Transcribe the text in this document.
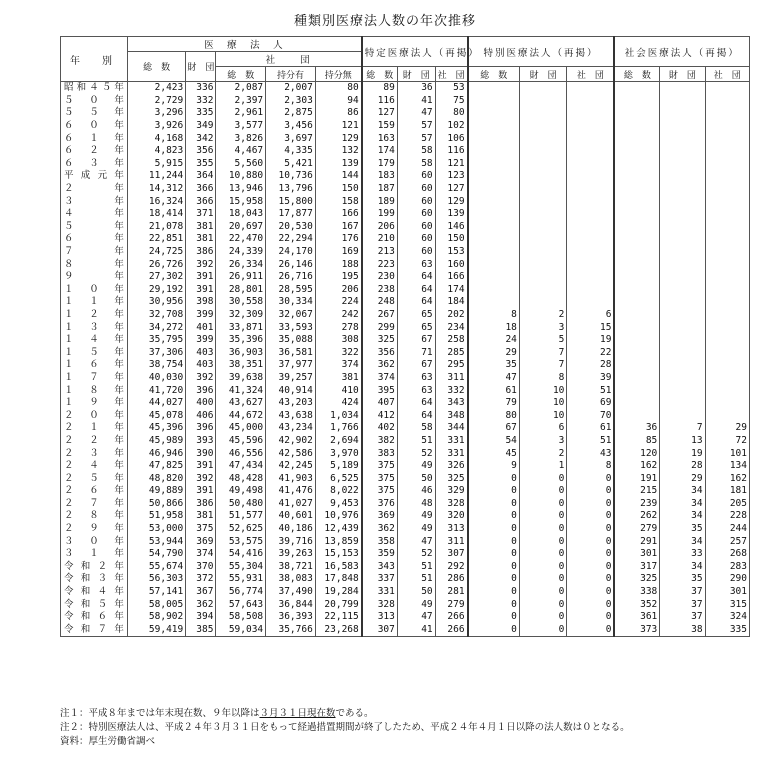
種類別医療法人数の年次推移
年　別	医　療　法　人					特定医療法人（再掲）			特別医療法人（再掲）			社会医療法人（再掲）		
	総　数	財　団	社　　団											
			総　数	持分有	持分無	総　数	財　団	社　団	総　数	財　団	社　団	総　数	財　団	社　団
昭和４５年	2,423	336	2,087	2,007	80	89	36	53						
５０年	2,729	332	2,397	2,303	94	116	41	75						
５５年	3,296	335	2,961	2,875	86	127	47	80						
６０年	3,926	349	3,577	3,456	121	159	57	102						
６１年	4,168	342	3,826	3,697	129	163	57	106						
６２年	4,823	356	4,467	4,335	132	174	58	116						
６３年	5,915	355	5,560	5,421	139	179	58	121						
平成元年	11,244	364	10,880	10,736	144	183	60	123						
２年	14,312	366	13,946	13,796	150	187	60	127						
３年	16,324	366	15,958	15,800	158	189	60	129						
４年	18,414	371	18,043	17,877	166	199	60	139						
５年	21,078	381	20,697	20,530	167	206	60	146						
６年	22,851	381	22,470	22,294	176	210	60	150						
７年	24,725	386	24,339	24,170	169	213	60	153						
８年	26,726	392	26,334	26,146	188	223	63	160						
９年	27,302	391	26,911	26,716	195	230	64	166						
１０年	29,192	391	28,801	28,595	206	238	64	174						
１１年	30,956	398	30,558	30,334	224	248	64	184						
１２年	32,708	399	32,309	32,067	242	267	65	202	8	2	6			
１３年	34,272	401	33,871	33,593	278	299	65	234	18	3	15			
１４年	35,795	399	35,396	35,088	308	325	67	258	24	5	19			
１５年	37,306	403	36,903	36,581	322	356	71	285	29	7	22			
１６年	38,754	403	38,351	37,977	374	362	67	295	35	7	28			
１７年	40,030	392	39,638	39,257	381	374	63	311	47	8	39			
１８年	41,720	396	41,324	40,914	410	395	63	332	61	10	51			
１９年	44,027	400	43,627	43,203	424	407	64	343	79	10	69			
２０年	45,078	406	44,672	43,638	1,034	412	64	348	80	10	70			
２１年	45,396	396	45,000	43,234	1,766	402	58	344	67	6	61	36	7	29
２２年	45,989	393	45,596	42,902	2,694	382	51	331	54	3	51	85	13	72
２３年	46,946	390	46,556	42,586	3,970	383	52	331	45	2	43	120	19	101
２４年	47,825	391	47,434	42,245	5,189	375	49	326	9	1	8	162	28	134
２５年	48,820	392	48,428	41,903	6,525	375	50	325	0	0	0	191	29	162
２６年	49,889	391	49,498	41,476	8,022	375	46	329	0	0	0	215	34	181
２７年	50,866	386	50,480	41,027	9,453	376	48	328	0	0	0	239	34	205
２８年	51,958	381	51,577	40,601	10,976	369	49	320	0	0	0	262	34	228
２９年	53,000	375	52,625	40,186	12,439	362	49	313	0	0	0	279	35	244
３０年	53,944	369	53,575	39,716	13,859	358	47	311	0	0	0	291	34	257
３１年	54,790	374	54,416	39,263	15,153	359	52	307	0	0	0	301	33	268
令和２年	55,674	370	55,304	38,721	16,583	343	51	292	0	0	0	317	34	283
令和３年	56,303	372	55,931	38,083	17,848	337	51	286	0	0	0	325	35	290
令和４年	57,141	367	56,774	37,490	19,284	331	50	281	0	0	0	338	37	301
令和５年	58,005	362	57,643	36,844	20,799	328	49	279	0	0	0	352	37	315
令和６年	58,902	394	58,508	36,393	22,115	313	47	266	0	0	0	361	37	324
令和７年	59,419	385	59,034	35,766	23,268	307	41	266	0	0	0	373	38	335
注１：平成８年までは年末現在数、９年以降は３月３１日現在数である。
注２：特別医療法人は、平成２４年３月３１日をもって経過措置期間が終了したため、平成２４年４月１日以降の法人数は０となる。
資料：厚生労働省調べ
